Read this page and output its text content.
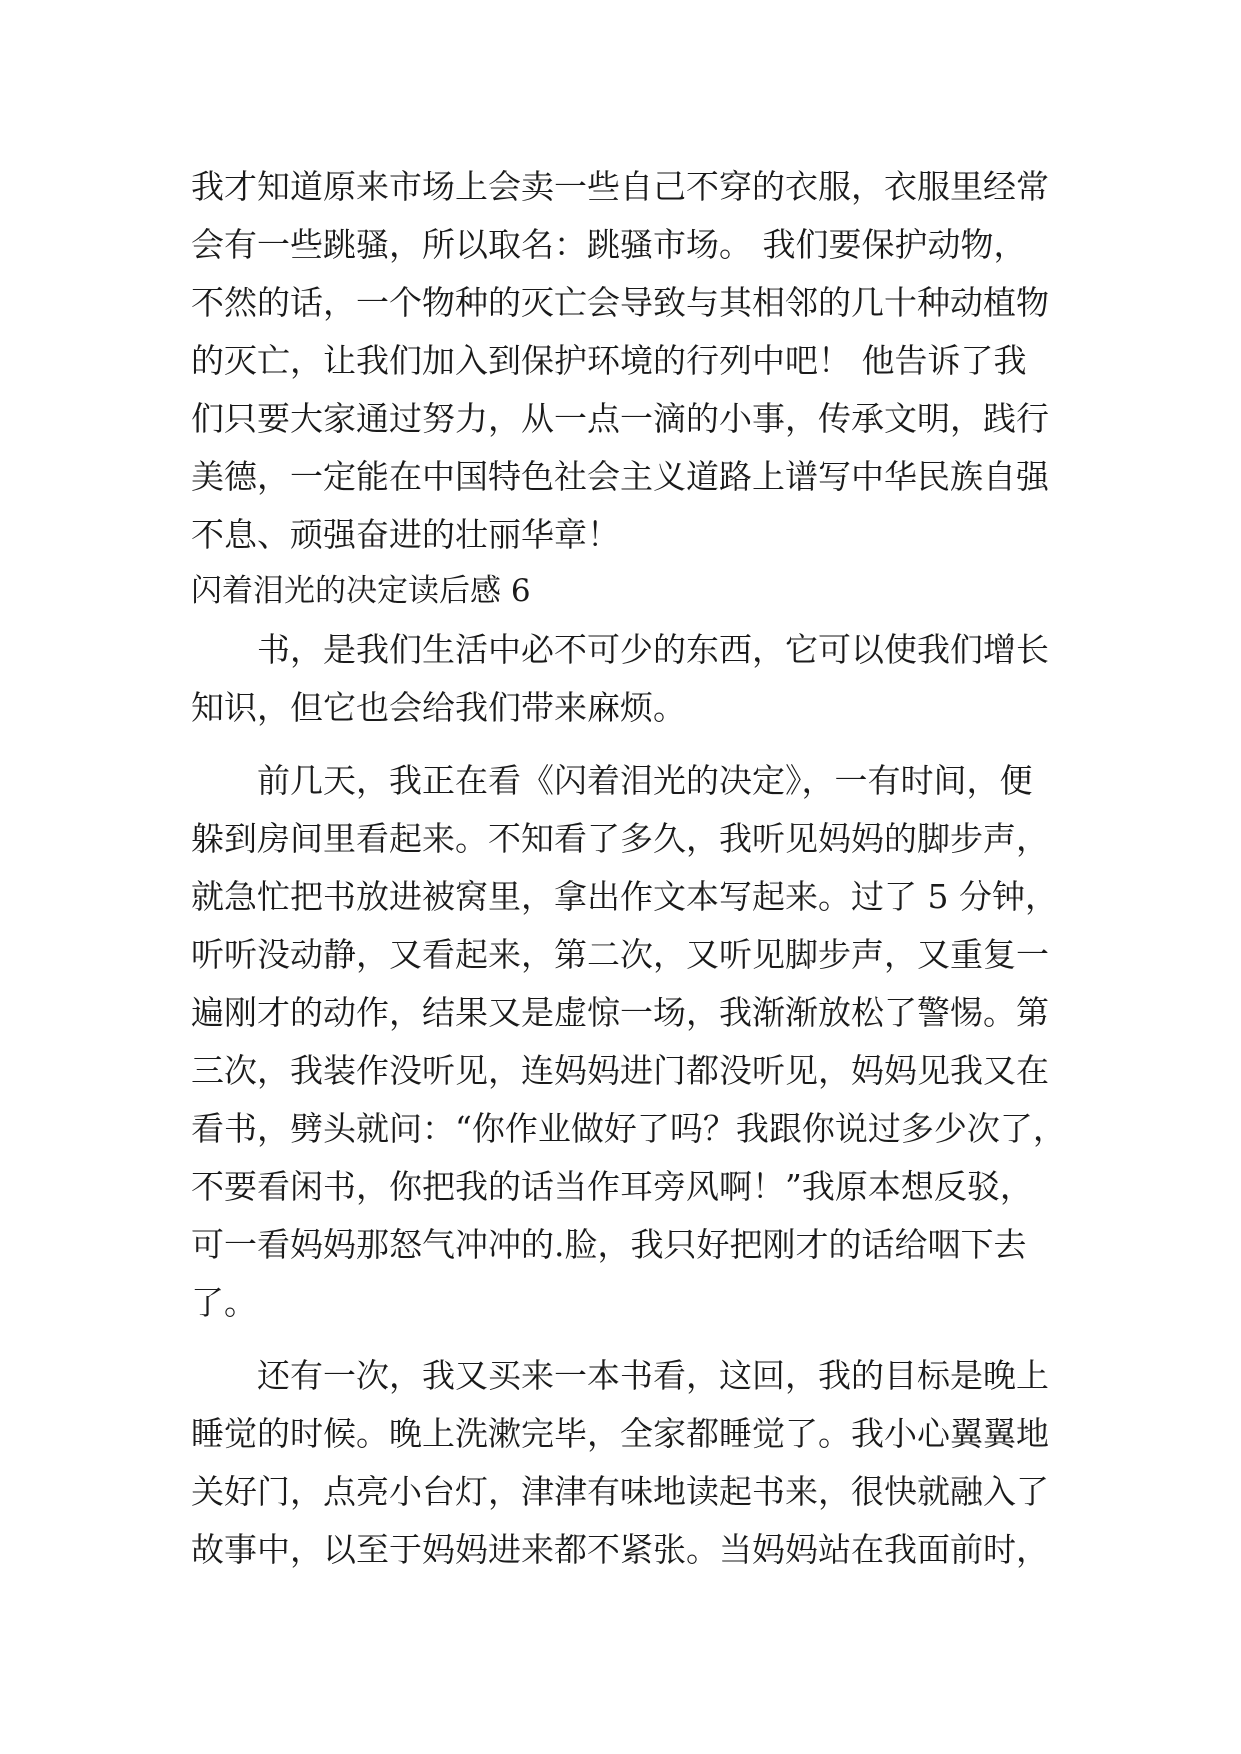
我才知道原来市场上会卖一些自己不穿的衣服，衣服里经常
会有一些跳骚，所以取名：跳骚市场。 我们要保护动物，
不然的话，一个物种的灭亡会导致与其相邻的几十种动植物
的灭亡，让我们加入到保护环境的行列中吧！ 他告诉了我
们只要大家通过努力，从一点一滴的小事，传承文明，践行
美德，一定能在中国特色社会主义道路上谱写中华民族自强
不息、顽强奋进的壮丽华章！
闪着泪光的决定读后感 6
书，是我们生活中必不可少的东西，它可以使我们增长
知识，但它也会给我们带来麻烦。
前几天，我正在看《闪着泪光的决定》，一有时间，便
躲到房间里看起来。不知看了多久，我听见妈妈的脚步声，
就急忙把书放进被窝里，拿出作文本写起来。过了 5 分钟，
听听没动静，又看起来，第二次，又听见脚步声，又重复一
遍刚才的动作，结果又是虚惊一场，我渐渐放松了警惕。第
三次，我装作没听见，连妈妈进门都没听见，妈妈见我又在
看书，劈头就问：“你作业做好了吗？我跟你说过多少次了，
不要看闲书，你把我的话当作耳旁风啊！”我原本想反驳，
可一看妈妈那怒气冲冲的.脸，我只好把刚才的话给咽下去
了。
还有一次，我又买来一本书看，这回，我的目标是晚上
睡觉的时候。晚上洗漱完毕，全家都睡觉了。我小心翼翼地
关好门，点亮小台灯，津津有味地读起书来，很快就融入了
故事中，以至于妈妈进来都不紧张。当妈妈站在我面前时，
